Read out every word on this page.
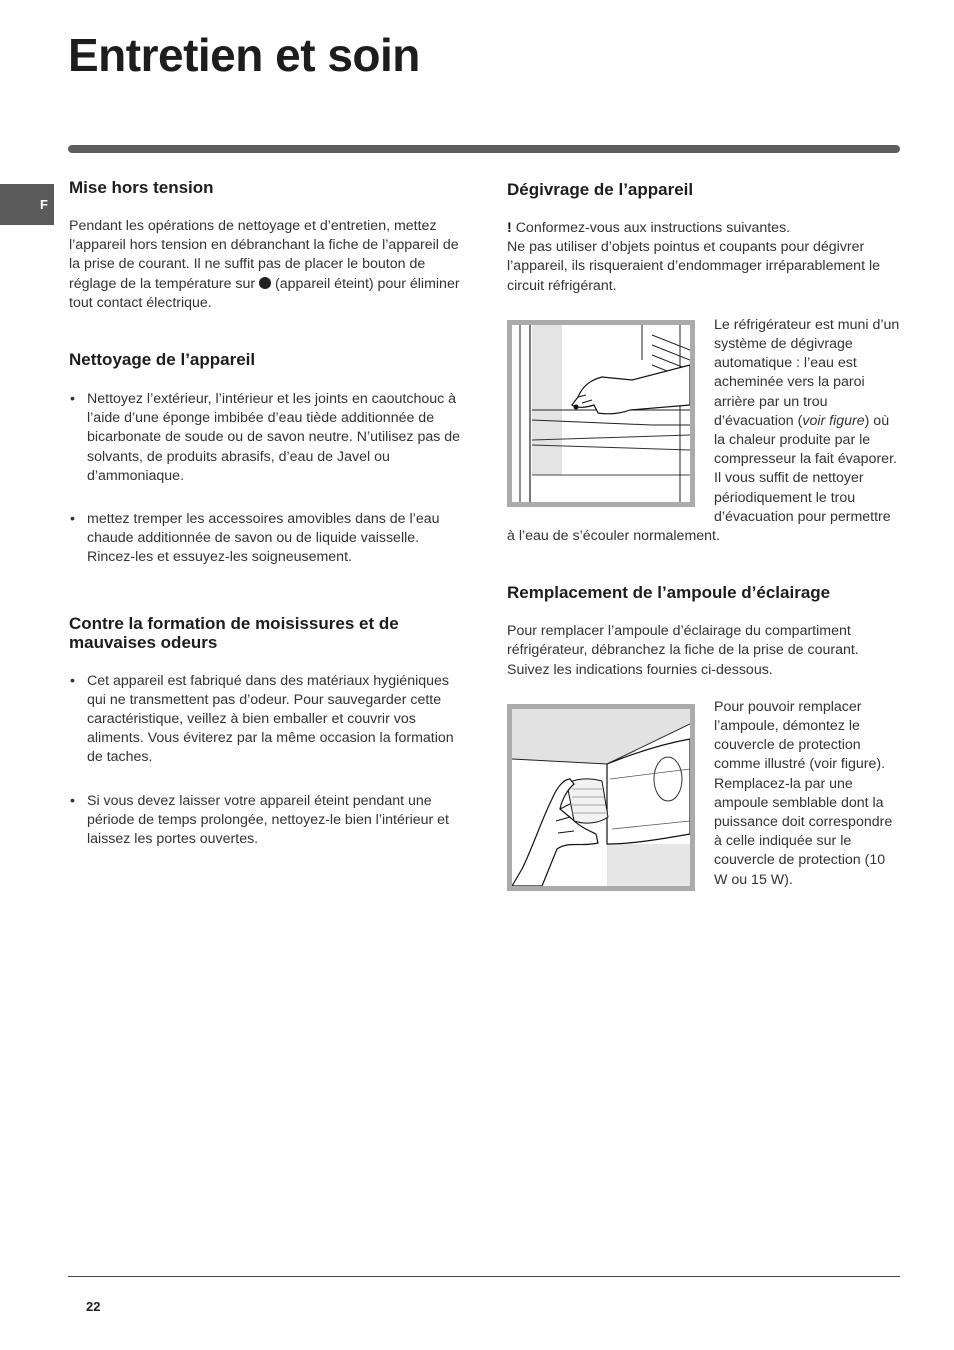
Entretien et soin
F
Mise hors tension

Pendant les opérations de nettoyage et d’entretien, mettez l’appareil hors tension en débranchant la fiche de l’appareil de la prise de courant. Il ne suffit pas de placer le bouton de réglage de la température sur (appareil éteint) pour éliminer tout contact électrique.

Nettoyage de l’appareil
• Nettoyez l’extérieur, l’intérieur et les joints en caoutchouc à l’aide d’une éponge imbibée d’eau tiède additionnée de bicarbonate de soude ou de savon neutre. N’utilisez pas de solvants, de produits abrasifs, d’eau de Javel ou d’ammoniaque.
• mettez tremper les accessoires amovibles dans de l’eau chaude additionnée de savon ou de liquide vaisselle. Rincez-les et essuyez-les soigneusement.
Contre la formation de moisissures et de mauvaises odeurs
• Cet appareil est fabriqué dans des matériaux hygiéniques qui ne transmettent pas d’odeur. Pour sauvegarder cette caractéristique, veillez à bien emballer et couvrir vos aliments. Vous éviterez par la même occasion la formation de taches.
• Si vous devez laisser votre appareil éteint pendant une période de temps prolongée, nettoyez-le bien l’intérieur et laissez les portes ouvertes.
Dégivrage de l’appareil

! Conformez-vous aux instructions suivantes.

Ne pas utiliser d’objets pointus et coupants pour dégivrer l’appareil, ils risqueraient d’endommager irréparablement le circuit réfrigérant.

Le réfrigérateur est muni d’un système de dégivrage automatique : l’eau est acheminée vers la paroi arrière par un trou d’évacuation (voir figure) où la chaleur produite par le compresseur la fait évaporer. Il vous suffit de nettoyer périodiquement le trou d’évacuation pour permettre à l’eau de s’écouler normalement.

Remplacement de l’ampoule d’éclairage

Pour remplacer l’ampoule d’éclairage du compartiment réfrigérateur, débranchez la fiche de la prise de courant. Suivez les indications fournies ci-dessous.

Pour pouvoir remplacer l’ampoule, démontez le couvercle de protection comme illustré (voir figure). Remplacez-la par une ampoule semblable dont la puissance doit correspondre à celle indiquée sur le couvercle de protection (10 W ou 15 W).

22
